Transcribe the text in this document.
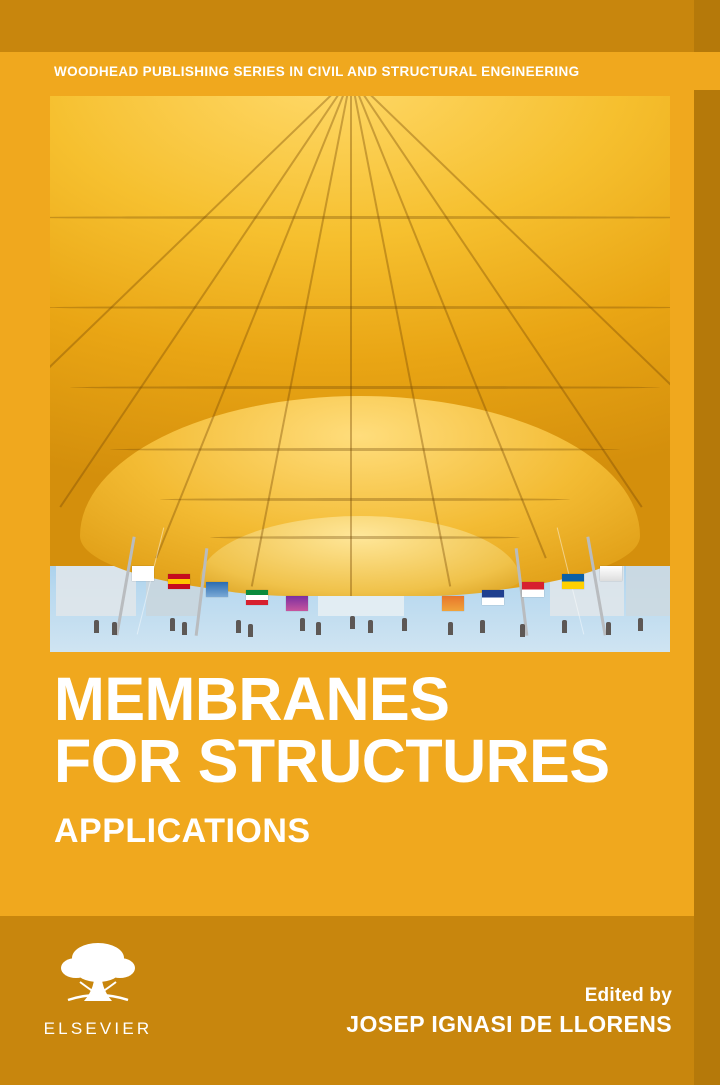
WOODHEAD PUBLISHING SERIES IN CIVIL AND STRUCTURAL ENGINEERING
MEMBRANES
FOR STRUCTURES
APPLICATIONS
ELSEVIER
Edited by
JOSEP IGNASI DE LLORENS
